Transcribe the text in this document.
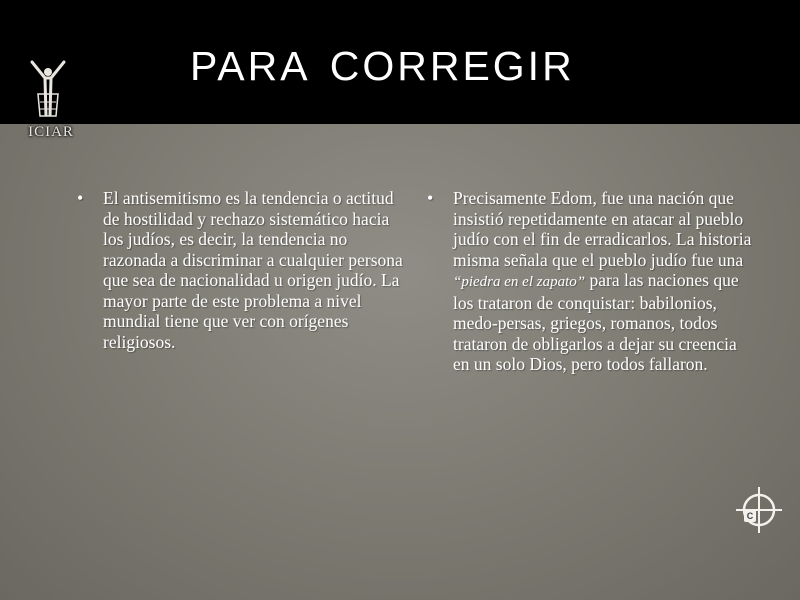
ICIAR
para corregir
• El antisemitismo es la tendencia o actitud de hostilidad y rechazo sistemático hacia los judíos, es decir, la tendencia no razonada a discriminar a cualquier persona que sea de nacionalidad u origen judío. La mayor parte de este problema a nivel mundial tiene que ver con orígenes religiosos.
• Precisamente Edom, fue una nación que insistió repetidamente en atacar al pueblo judío con el fin de erradicarlos. La historia misma señala que el pueblo judío fue una “piedra en el zapato” para las naciones que los trataron de conquistar: babilonios, medo-persas, griegos, romanos, todos trataron de obligarlos a dejar su creencia en un solo Dios, pero todos fallaron.
C
